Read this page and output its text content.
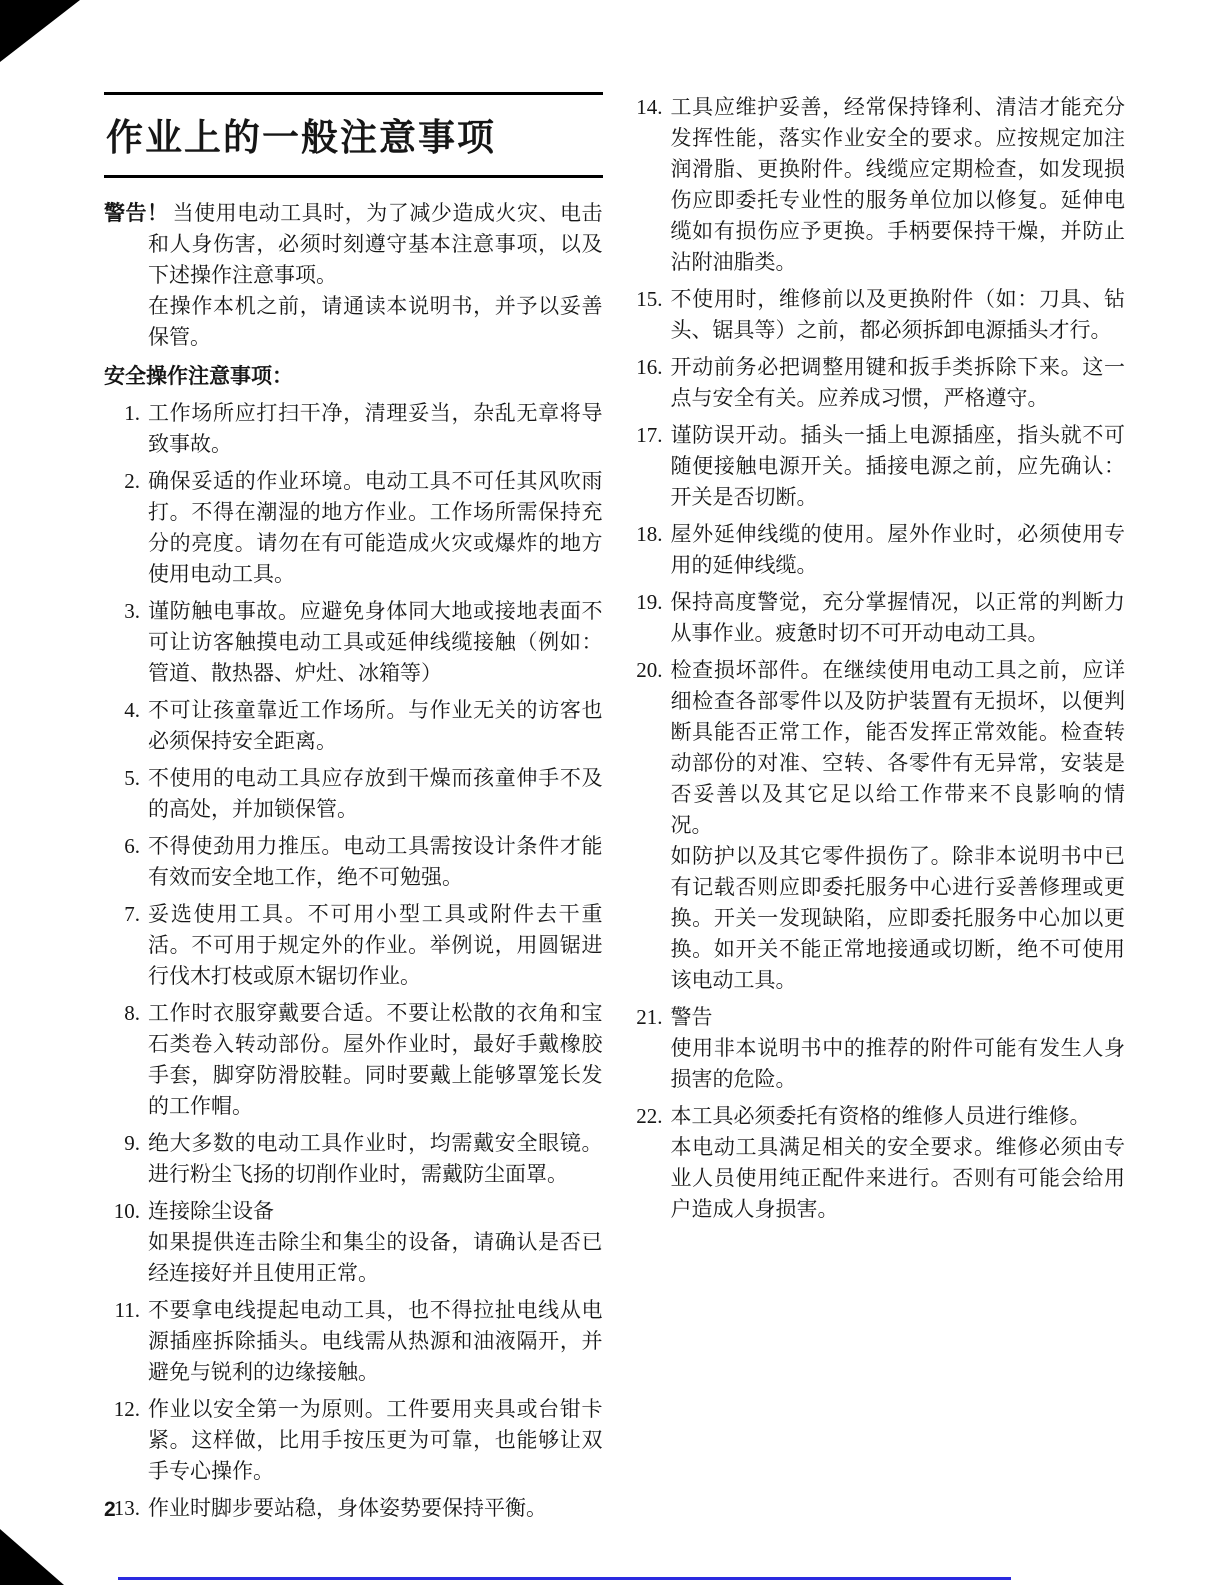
作业上的一般注意事项

警告！ 当使用电动工具时，为了减少造成火灾、电击和人身伤害，必须时刻遵守基本注意事项，以及下述操作注意事项。

在操作本机之前，请通读本说明书，并予以妥善保管。

安全操作注意事项：
1. 工作场所应打扫干净，清理妥当，杂乱无章将导致事故。

2. 确保妥适的作业环境。电动工具不可任其风吹雨打。不得在潮湿的地方作业。工作场所需保持充分的亮度。请勿在有可能造成火灾或爆炸的地方使用电动工具。

3. 谨防触电事故。应避免身体同大地或接地表面不可让访客触摸电动工具或延伸线缆接触（例如：管道、散热器、炉灶、冰箱等）

4. 不可让孩童靠近工作场所。与作业无关的访客也必须保持安全距离。

5. 不使用的电动工具应存放到干燥而孩童伸手不及的高处，并加锁保管。

6. 不得使劲用力推压。电动工具需按设计条件才能有效而安全地工作，绝不可勉强。

7. 妥选使用工具。不可用小型工具或附件去干重活。不可用于规定外的作业。举例说，用圆锯进行伐木打枝或原木锯切作业。

8. 工作时衣服穿戴要合适。不要让松散的衣角和宝石类卷入转动部份。屋外作业时，最好手戴橡胶手套，脚穿防滑胶鞋。同时要戴上能够罩笼长发的工作帽。

9. 绝大多数的电动工具作业时，均需戴安全眼镜。进行粉尘飞扬的切削作业时，需戴防尘面罩。

10. 连接除尘设备

如果提供连击除尘和集尘的设备，请确认是否已经连接好并且使用正常。

11. 不要拿电线提起电动工具，也不得拉扯电线从电源插座拆除插头。电线需从热源和油液隔开，并避免与锐利的边缘接触。

12. 作业以安全第一为原则。工件要用夹具或台钳卡紧。这样做，比用手按压更为可靠，也能够让双手专心操作。

13. 作业时脚步要站稳，身体姿势要保持平衡。

14. 工具应维护妥善，经常保持锋利、清洁才能充分发挥性能，落实作业安全的要求。应按规定加注润滑脂、更换附件。线缆应定期检查，如发现损伤应即委托专业性的服务单位加以修复。延伸电缆如有损伤应予更换。手柄要保持干燥，并防止沾附油脂类。

15. 不使用时，维修前以及更换附件（如：刀具、钻头、锯具等）之前，都必须拆卸电源插头才行。

16. 开动前务必把调整用键和扳手类拆除下来。这一点与安全有关。应养成习惯，严格遵守。

17. 谨防误开动。插头一插上电源插座，指头就不可随便接触电源开关。插接电源之前，应先确认：开关是否切断。

18. 屋外延伸线缆的使用。屋外作业时，必须使用专用的延伸线缆。

19. 保持高度警觉，充分掌握情况，以正常的判断力从事作业。疲惫时切不可开动电动工具。

20. 检查损坏部件。在继续使用电动工具之前，应详细检查各部零件以及防护装置有无损坏，以便判断具能否正常工作，能否发挥正常效能。检查转动部份的对准、空转、各零件有无异常，安装是否妥善以及其它足以给工作带来不良影响的情况。

如防护以及其它零件损伤了。除非本说明书中已有记载否则应即委托服务中心进行妥善修理或更换。开关一发现缺陷，应即委托服务中心加以更换。如开关不能正常地接通或切断，绝不可使用该电动工具。

21. 警告

使用非本说明书中的推荐的附件可能有发生人身损害的危险。

22. 本工具必须委托有资格的维修人员进行维修。

本电动工具满足相关的安全要求。维修必须由专业人员使用纯正配件来进行。否则有可能会给用户造成人身损害。

2
